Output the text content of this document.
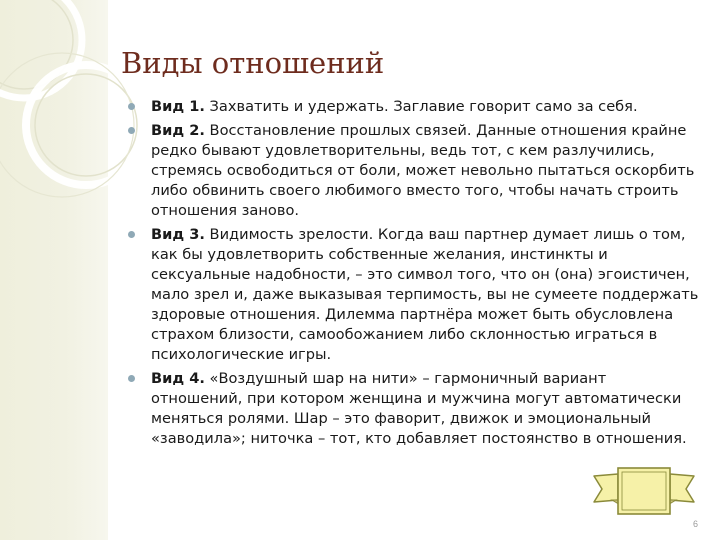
Виды отношений
Вид 1. Захватить и удержать. Заглавие говорит само за себя.
Вид 2. Восстановление прошлых связей. Данные отношения крайне редко бывают удовлетворительны, ведь тот, с кем разлучились, стремясь освободиться от боли, может невольно пытаться оскорбить либо обвинить своего любимого вместо того, чтобы начать строить отношения заново.
Вид 3. Видимость зрелости. Когда ваш партнер думает лишь о том, как бы удовлетворить собственные желания, инстинкты и сексуальные надобности, – это символ того, что он (она) эгоистичен, мало зрел и, даже выказывая терпимость, вы не сумеете поддержать здоровые отношения. Дилемма партнёра может быть обусловлена страхом близости, самообожанием либо склонностью играться в психологические игры.
Вид 4. «Воздушный шар на нити» – гармоничный вариант отношений, при котором женщина и мужчина могут автоматически меняться ролями. Шар – это фаворит, движок и эмоциональный «заводила»; ниточка – тот, кто добавляет постоянство в отношения.
6
